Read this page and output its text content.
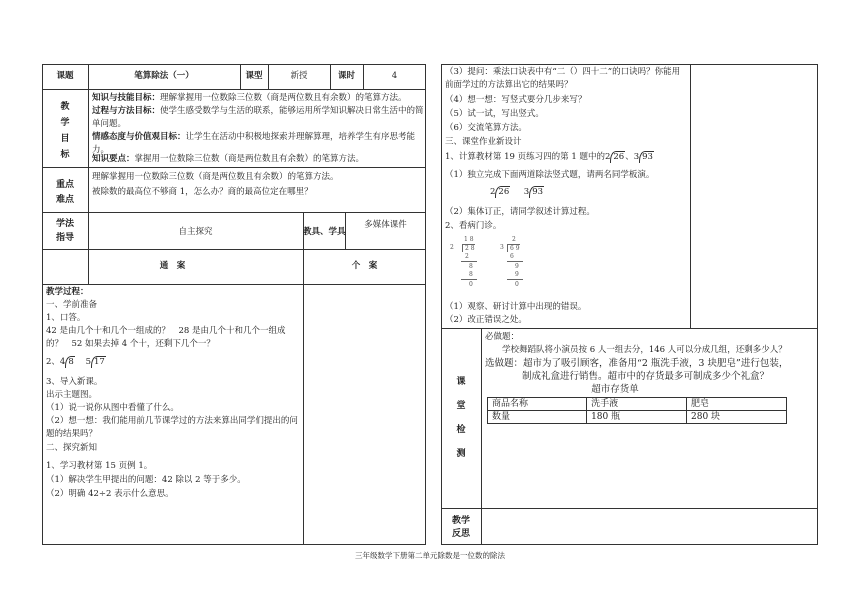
课题	笔算除法（一）	课型	新授	课时	4
教
学
目
标
知识与技能目标：理解掌握用一位数除三位数（商是两位数且有余数）的笔算方法。
过程与方法目标：使学生感受数学与生活的联系，能够运用所学知识解决日常生活中的简单问题。
情感态度与价值观目标：让学生在活动中积极地探索并理解算理，培养学生有序思考能力。
知识要点：掌握用一位数除三位数（商是两位数且有余数）的笔算方法。
重点
难点
理解掌握用一位数除三位数（商是两位数且有余数）的笔算方法。
被除数的最高位不够商 1，怎么办？商的最高位定在哪里？
学法
指导
自主探究	教具、学具
多媒体课件
通　案	个　案
教学过程：
一、学前准备
1、口答。
42 是由几个十和几个一组成的？　28 是由几个十和几个一组成的？　52 如果去掉 4 个十，还剩下几个一？
2、4 8 5 17
3、导入新课。
出示主题图。
（1）说一说你从图中看懂了什么。
（2）想一想：我们能用前几节课学过的方法来算出同学们提出的问题的结果吗？
二、探究新知
1、学习教材第 15 页例 1。
（1）解决学生甲提出的问题：42 除以 2 等于多少。
（2）明确 42÷2 表示什么意思。
（3）提问：乘法口诀表中有“二（）四十二”的口诀吗？你能用前面学过的方法算出它的结果吗？
（4）想一想：写竖式要分几步来写？
（5）试一试，写出竖式。
（6）交流笔算方法。
三、课堂作业新设计
1、计算教材第 19 页练习四的第 1 题中的2 26、3 93
（1）独立完成下面两道除法竖式题，请两名同学板演。
2 26 3 93
（2）集体订正，请同学叙述计算过程。
2、看病门诊。
1 8
2	2 8
2
8
8
0
2
3	6 9
6
9
9
0
（1）观察、研讨计算中出现的错误。
（2）改正错误之处。
课
堂
检
测
必做题：
学校舞蹈队将小演员按 6 人一组去分，146 人可以分成几组，还剩多少人？
选做题：超市为了吸引顾客，准备用“2 瓶洗手液，3 块肥皂”进行包装，
制成礼盒进行销售。超市中的存货最多可制成多少个礼盒？
超市存货单
商品名称	洗手液	肥皂
数量	180 瓶	280 块
教学
反思
三年级数学下册第二单元除数是一位数的除法
